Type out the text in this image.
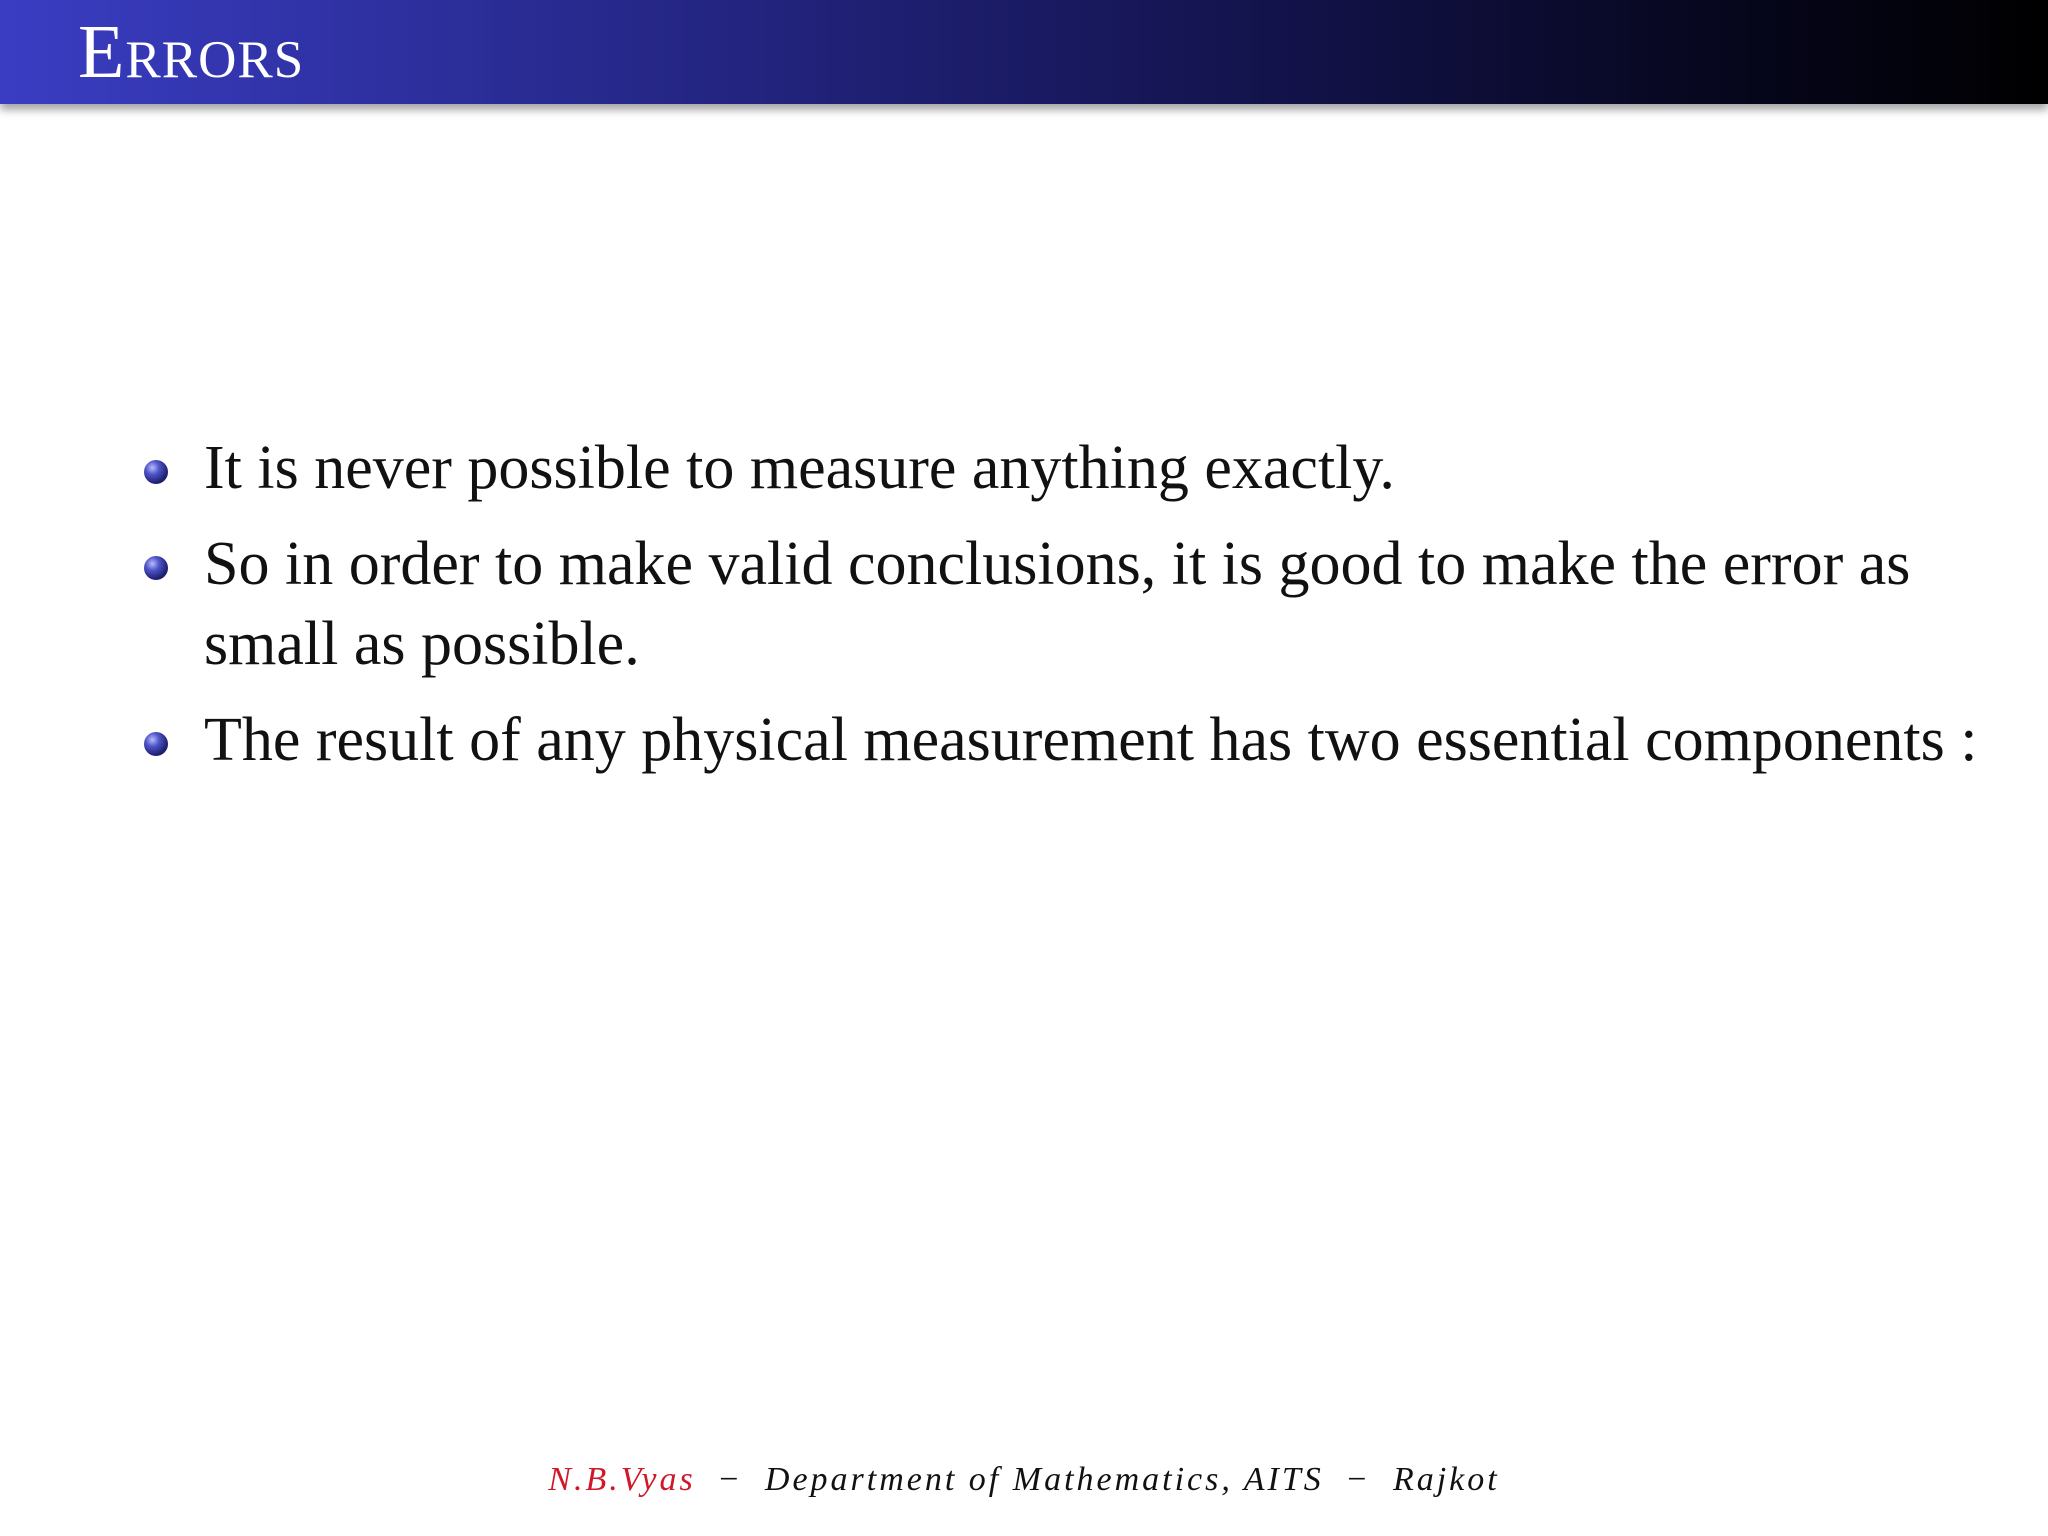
Errors
It is never possible to measure anything exactly.
So in order to make valid conclusions, it is good to make the error as small as possible.
The result of any physical measurement has two essential components :
N.B.Vyas − Department of Mathematics, AITS − Rajkot
